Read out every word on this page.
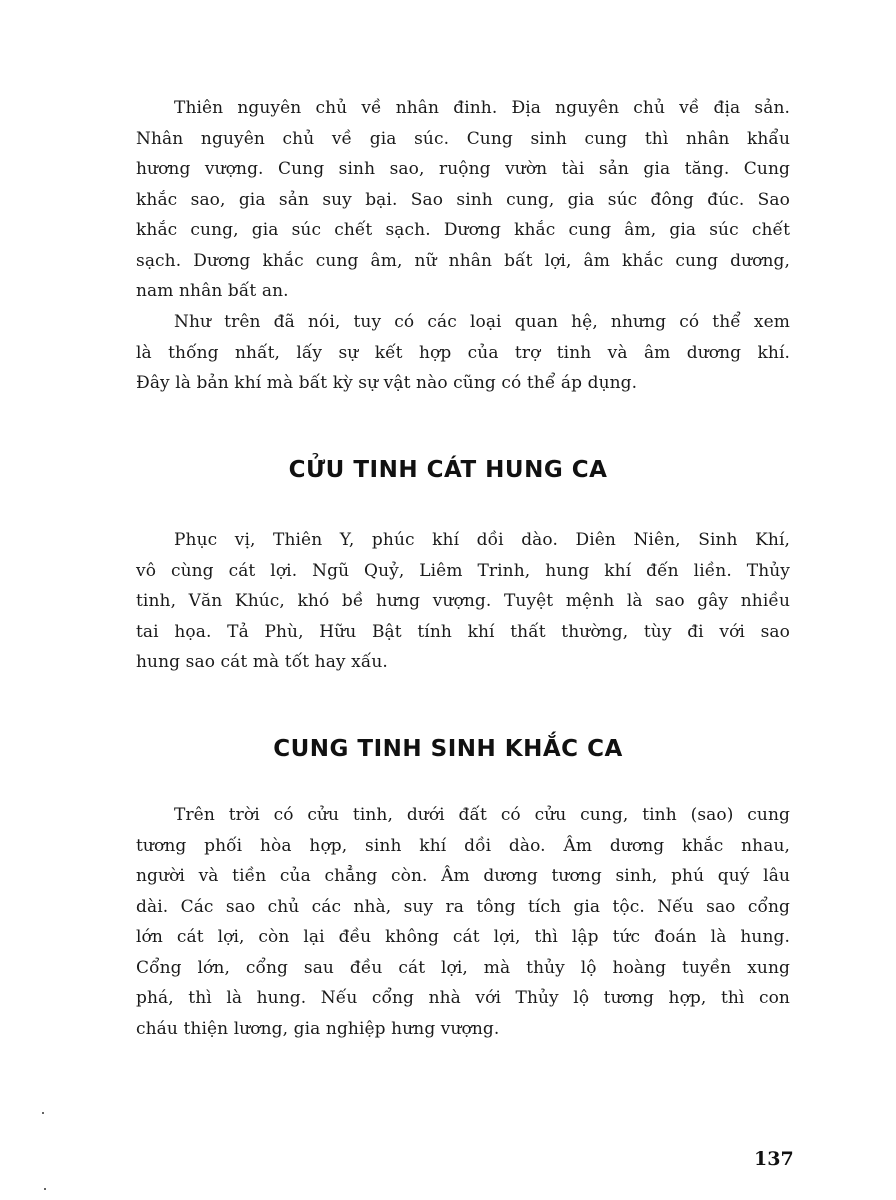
Thiên nguyên chủ về nhân đinh. Địa nguyên chủ về địa sản.
Nhân nguyên chủ về gia súc. Cung sinh cung thì nhân khẩu
hương vượng. Cung sinh sao, ruộng vườn tài sản gia tăng. Cung
khắc sao, gia sản suy bại. Sao sinh cung, gia súc đông đúc. Sao
khắc cung, gia súc chết sạch. Dương khắc cung âm, gia súc chết
sạch. Dương khắc cung âm, nữ nhân bất lợi, âm khắc cung dương,
nam nhân bất an.
Như trên đã nói, tuy có các loại quan hệ, nhưng có thể xem
là thống nhất, lấy sự kết hợp của trợ tinh và âm dương khí.
Đây là bản khí mà bất kỳ sự vật nào cũng có thể áp dụng.
CỬU TINH CÁT HUNG CA
Phục vị, Thiên Y, phúc khí dồi dào. Diên Niên, Sinh Khí,
vô cùng cát lợi. Ngũ Quỷ, Liêm Trinh, hung khí đến liền. Thủy
tinh, Văn Khúc, khó bề hưng vượng. Tuyệt mệnh là sao gây nhiều
tai họa. Tả Phù, Hữu Bật tính khí thất thường, tùy đi với sao
hung sao cát mà tốt hay xấu.
CUNG TINH SINH KHẮC CA
Trên trời có cửu tinh, dưới đất có cửu cung, tinh (sao) cung
tương phối hòa hợp, sinh khí dồi dào. Âm dương khắc nhau,
người và tiền của chẳng còn. Âm dương tương sinh, phú quý lâu
dài. Các sao chủ các nhà, suy ra tông tích gia tộc. Nếu sao cổng
lớn cát lợi, còn lại đều không cát lợi, thì lập tức đoán là hung.
Cổng lớn, cổng sau đều cát lợi, mà thủy lộ hoàng tuyền xung
phá, thì là hung. Nếu cổng nhà với Thủy lộ tương hợp, thì con
cháu thiện lương, gia nghiệp hưng vượng.
137
